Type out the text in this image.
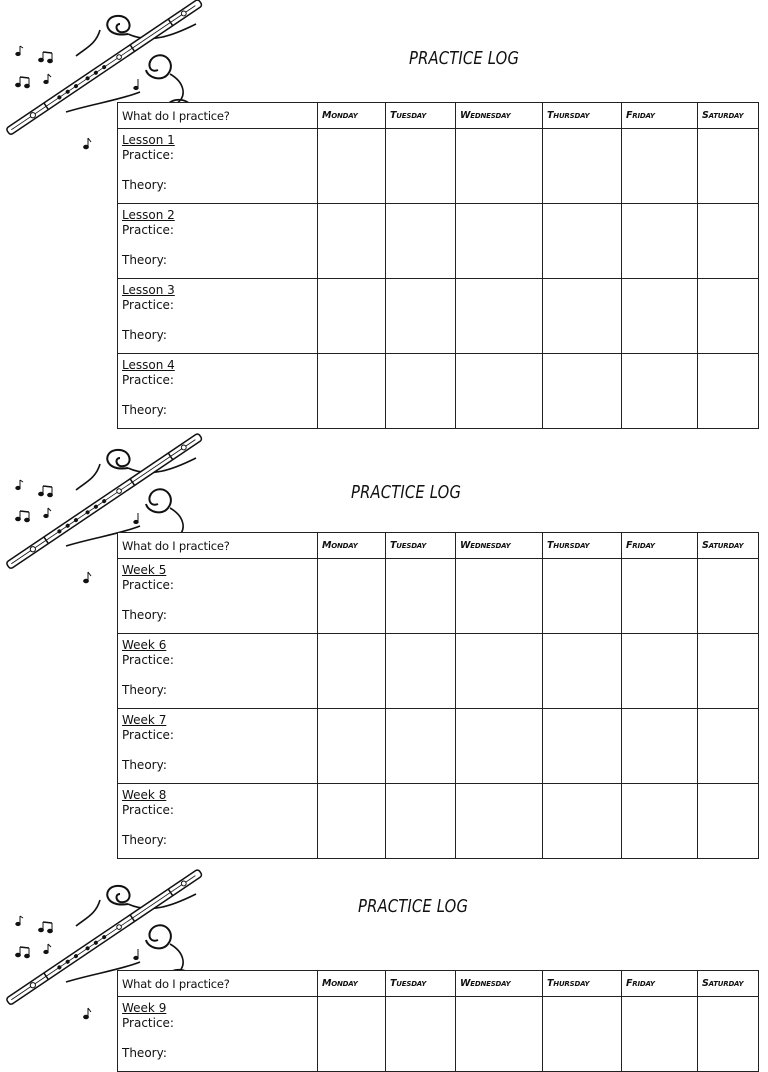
PRACTICE LOG
What do I practice?	Monday	Tuesday	Wednesday	Thursday	Friday	Saturday

Lesson 1
Practice:
Theory:						

Lesson 2
Practice:
Theory:						

Lesson 3
Practice:
Theory:						

Lesson 4
Practice:
Theory:						

PRACTICE LOG
What do I practice?	Monday	Tuesday	Wednesday	Thursday	Friday	Saturday

Week 5
Practice:
Theory:						

Week 6
Practice:
Theory:						

Week 7
Practice:
Theory:						

Week 8
Practice:
Theory:						

PRACTICE LOG
What do I practice?	Monday	Tuesday	Wednesday	Thursday	Friday	Saturday

Week 9
Practice:
Theory:						
